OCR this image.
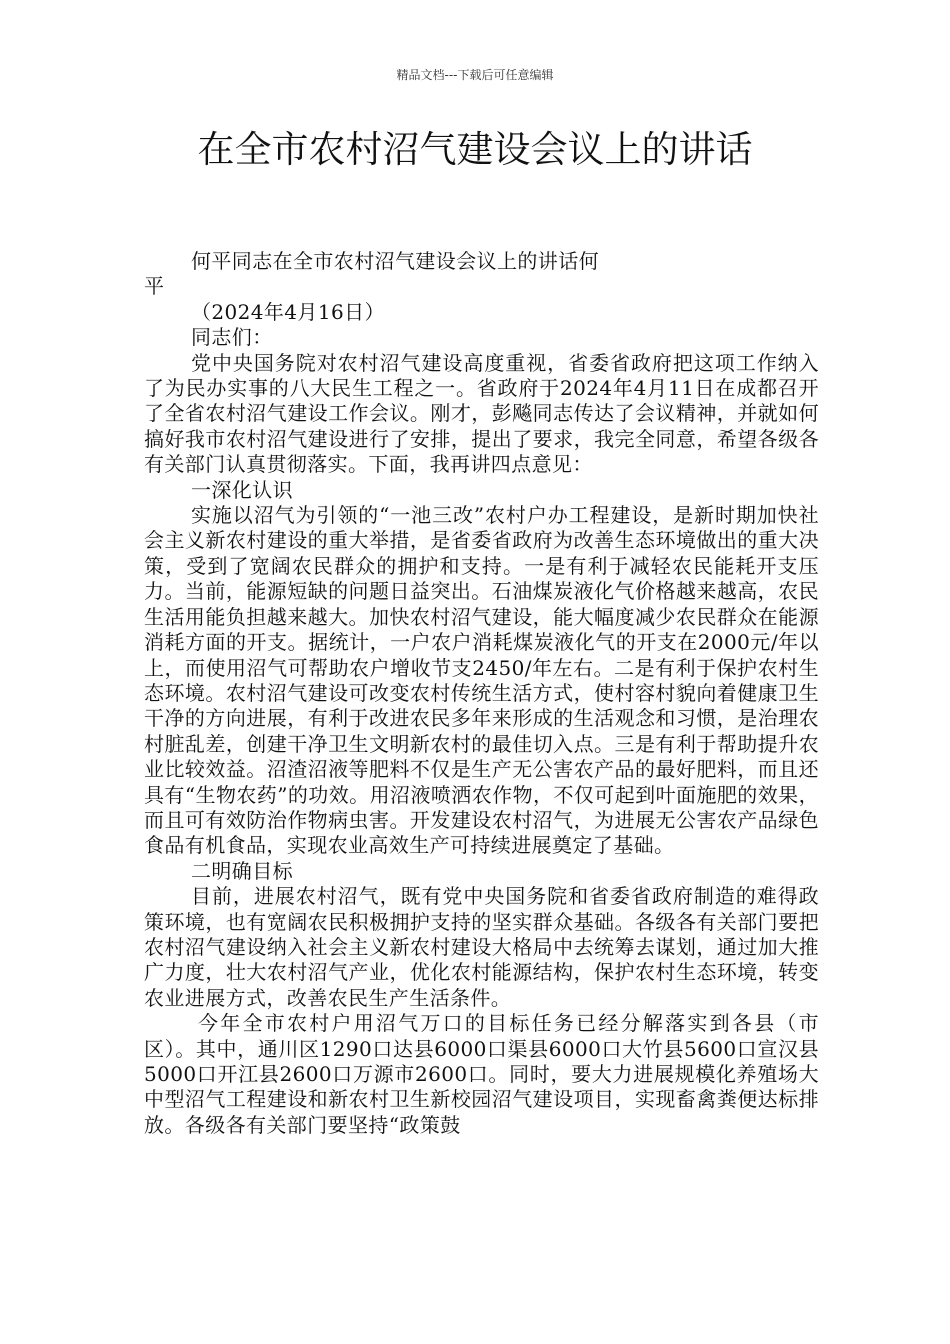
精品文档---下载后可任意编辑
在全市农村沼气建设会议上的讲话

何平同志在全市农村沼气建设会议上的讲话何平

（2024年4月16日）

同志们：

党中央国务院对农村沼气建设高度重视，省委省政府把这项工作纳入了为民办实事的八大民生工程之一。省政府于2024年4月11日在成都召开了全省农村沼气建设工作会议。刚才，彭飚同志传达了会议精神，并就如何搞好我市农村沼气建设进行了安排，提出了要求，我完全同意，希望各级各有关部门认真贯彻落实。下面，我再讲四点意见：

一深化认识

实施以沼气为引领的“一池三改”农村户办工程建设，是新时期加快社会主义新农村建设的重大举措，是省委省政府为改善生态环境做出的重大决策，受到了宽阔农民群众的拥护和支持。一是有利于减轻农民能耗开支压力。当前，能源短缺的问题日益突出。石油煤炭液化气价格越来越高，农民生活用能负担越来越大。加快农村沼气建设，能大幅度减少农民群众在能源消耗方面的开支。据统计，一户农户消耗煤炭液化气的开支在2000元/年以上，而使用沼气可帮助农户增收节支2450/年左右。二是有利于保护农村生态环境。农村沼气建设可改变农村传统生活方式，使村容村貌向着健康卫生干净的方向进展，有利于改进农民多年来形成的生活观念和习惯，是治理农村脏乱差，创建干净卫生文明新农村的最佳切入点。三是有利于帮助提升农业比较效益。沼渣沼液等肥料不仅是生产无公害农产品的最好肥料，而且还具有“生物农药”的功效。用沼液喷洒农作物，不仅可起到叶面施肥的效果，而且可有效防治作物病虫害。开发建设农村沼气，为进展无公害农产品绿色食品有机食品，实现农业高效生产可持续进展奠定了基础。

二明确目标

目前，进展农村沼气，既有党中央国务院和省委省政府制造的难得政策环境，也有宽阔农民积极拥护支持的坚实群众基础。各级各有关部门要把农村沼气建设纳入社会主义新农村建设大格局中去统筹去谋划，通过加大推广力度，壮大农村沼气产业，优化农村能源结构，保护农村生态环境，转变农业进展方式，改善农民生产生活条件。

今年全市农村户用沼气万口的目标任务已经分解落实到各县（市区）。其中，通川区1290口达县6000口渠县6000口大竹县5600口宣汉县5000口开江县2600口万源市2600口。同时，要大力进展规模化养殖场大中型沼气工程建设和新农村卫生新校园沼气建设项目，实现畜禽粪便达标排放。各级各有关部门要坚持“政策鼓
